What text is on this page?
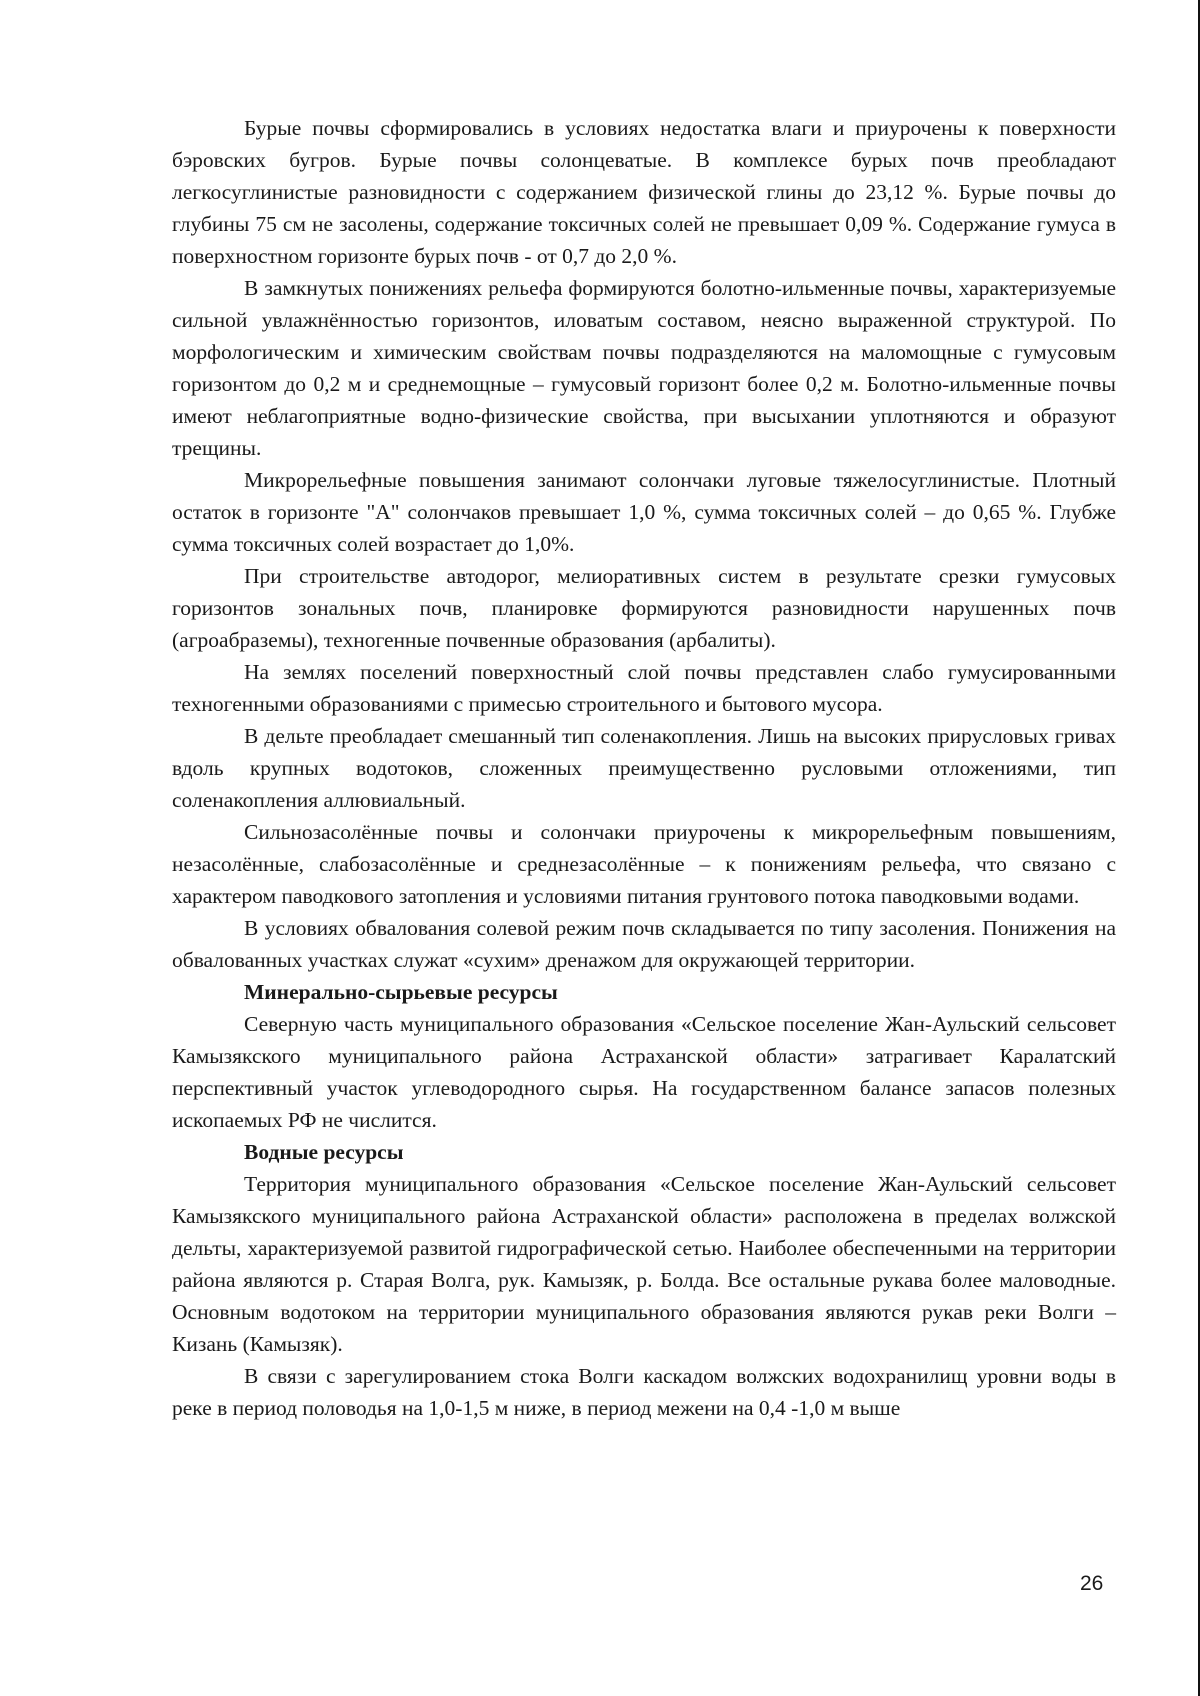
Бурые почвы сформировались в условиях недостатка влаги и приурочены к поверхности бэровских бугров. Бурые почвы солонцеватые. В комплексе бурых почв преобладают легкосуглинистые разновидности с содержанием физической глины до 23,12 %. Бурые почвы до глубины 75 см не засолены, содержание токсичных солей не превышает 0,09 %. Содержание гумуса в поверхностном горизонте бурых почв - от 0,7 до 2,0 %.

В замкнутых понижениях рельефа формируются болотно-ильменные почвы, характеризуемые сильной увлажнённостью горизонтов, иловатым составом, неясно выраженной структурой. По морфологическим и химическим свойствам почвы подразделяются на маломощные с гумусовым горизонтом до 0,2 м и среднемощные – гумусовый горизонт более 0,2 м. Болотно-ильменные почвы имеют неблагоприятные водно-физические свойства, при высыхании уплотняются и образуют трещины.

Микрорельефные повышения занимают солончаки луговые тяжелосуглинистые. Плотный остаток в горизонте "А" солончаков превышает 1,0 %, сумма токсичных солей – до 0,65 %. Глубже сумма токсичных солей возрастает до 1,0%.

При строительстве автодорог, мелиоративных систем в результате срезки гумусовых горизонтов зональных почв, планировке формируются разновидности нарушенных почв (агроабраземы), техногенные почвенные образования (арбалиты).

На землях поселений поверхностный слой почвы представлен слабо гумусированными техногенными образованиями с примесью строительного и бытового мусора.

В дельте преобладает смешанный тип соленакопления. Лишь на высоких прирусловых гривах вдоль крупных водотоков, сложенных преимущественно русловыми отложениями, тип соленакопления аллювиальный.

Сильнозасолённые почвы и солончаки приурочены к микрорельефным повышениям, незасолённые, слабозасолённые и среднезасолённые – к понижениям рельефа, что связано с характером паводкового затопления и условиями питания грунтового потока паводковыми водами.

В условиях обвалования солевой режим почв складывается по типу засоления. Понижения на обвалованных участках служат «сухим» дренажом для окружающей территории.

Минерально-сырьевые ресурсы

Северную часть муниципального образования «Сельское поселение Жан-Аульский сельсовет Камызякского муниципального района Астраханской области» затрагивает Каралатский перспективный участок углеводородного сырья. На государственном балансе запасов полезных ископаемых РФ не числится.

Водные ресурсы

Территория муниципального образования «Сельское поселение Жан-Аульский сельсовет Камызякского муниципального района Астраханской области» расположена в пределах волжской дельты, характеризуемой развитой гидрографической сетью. Наиболее обеспеченными на территории района являются р. Старая Волга, рук. Камызяк, р. Болда. Все остальные рукава более маловодные. Основным водотоком на территории муниципального образования являются рукав реки Волги – Кизань (Камызяк).

В связи с зарегулированием стока Волги каскадом волжских водохранилищ уровни воды в реке в период половодья на 1,0-1,5 м ниже, в период межени на 0,4 -1,0 м выше

26
